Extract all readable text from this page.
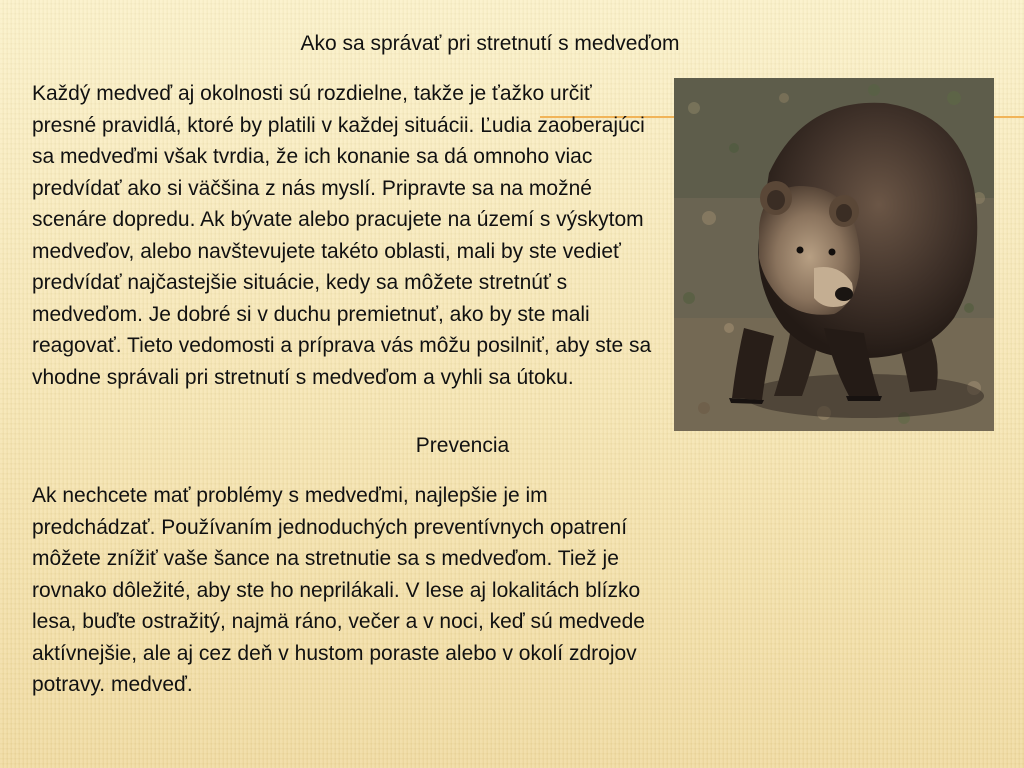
Ako sa správať pri stretnutí s medveďom

Každý medveď aj okolnosti sú rozdielne, takže je ťažko určiť presné pravidlá, ktoré by platili v každej situácii. Ľudia zaoberajúci sa medveďmi však tvrdia, že ich konanie sa dá omnoho viac predvídať ako si väčšina z nás myslí. Pripravte sa na možné scenáre dopredu. Ak bývate alebo pracujete na území s výskytom medveďov, alebo navštevujete takéto oblasti, mali by ste vedieť predvídať najčastejšie situácie, kedy sa môžete stretnúť s medveďom. Je dobré si v duchu premietnuť, ako by ste mali reagovať. Tieto vedomosti a príprava vás môžu posilniť, aby ste sa vhodne správali pri stretnutí s medveďom a vyhli sa útoku.

Prevencia

Ak nechcete mať problémy s medveďmi, najlepšie je im predchádzať. Používaním jednoduchých preventívnych opatrení môžete znížiť vaše šance na stretnutie sa s medveďom. Tiež je rovnako dôležité, aby ste ho neprilákali. V lese aj lokalitách blízko lesa, buďte ostražitý, najmä ráno, večer a v noci, keď sú medvede aktívnejšie, ale aj cez deň v hustom poraste alebo v okolí zdrojov potravy. medveď.
